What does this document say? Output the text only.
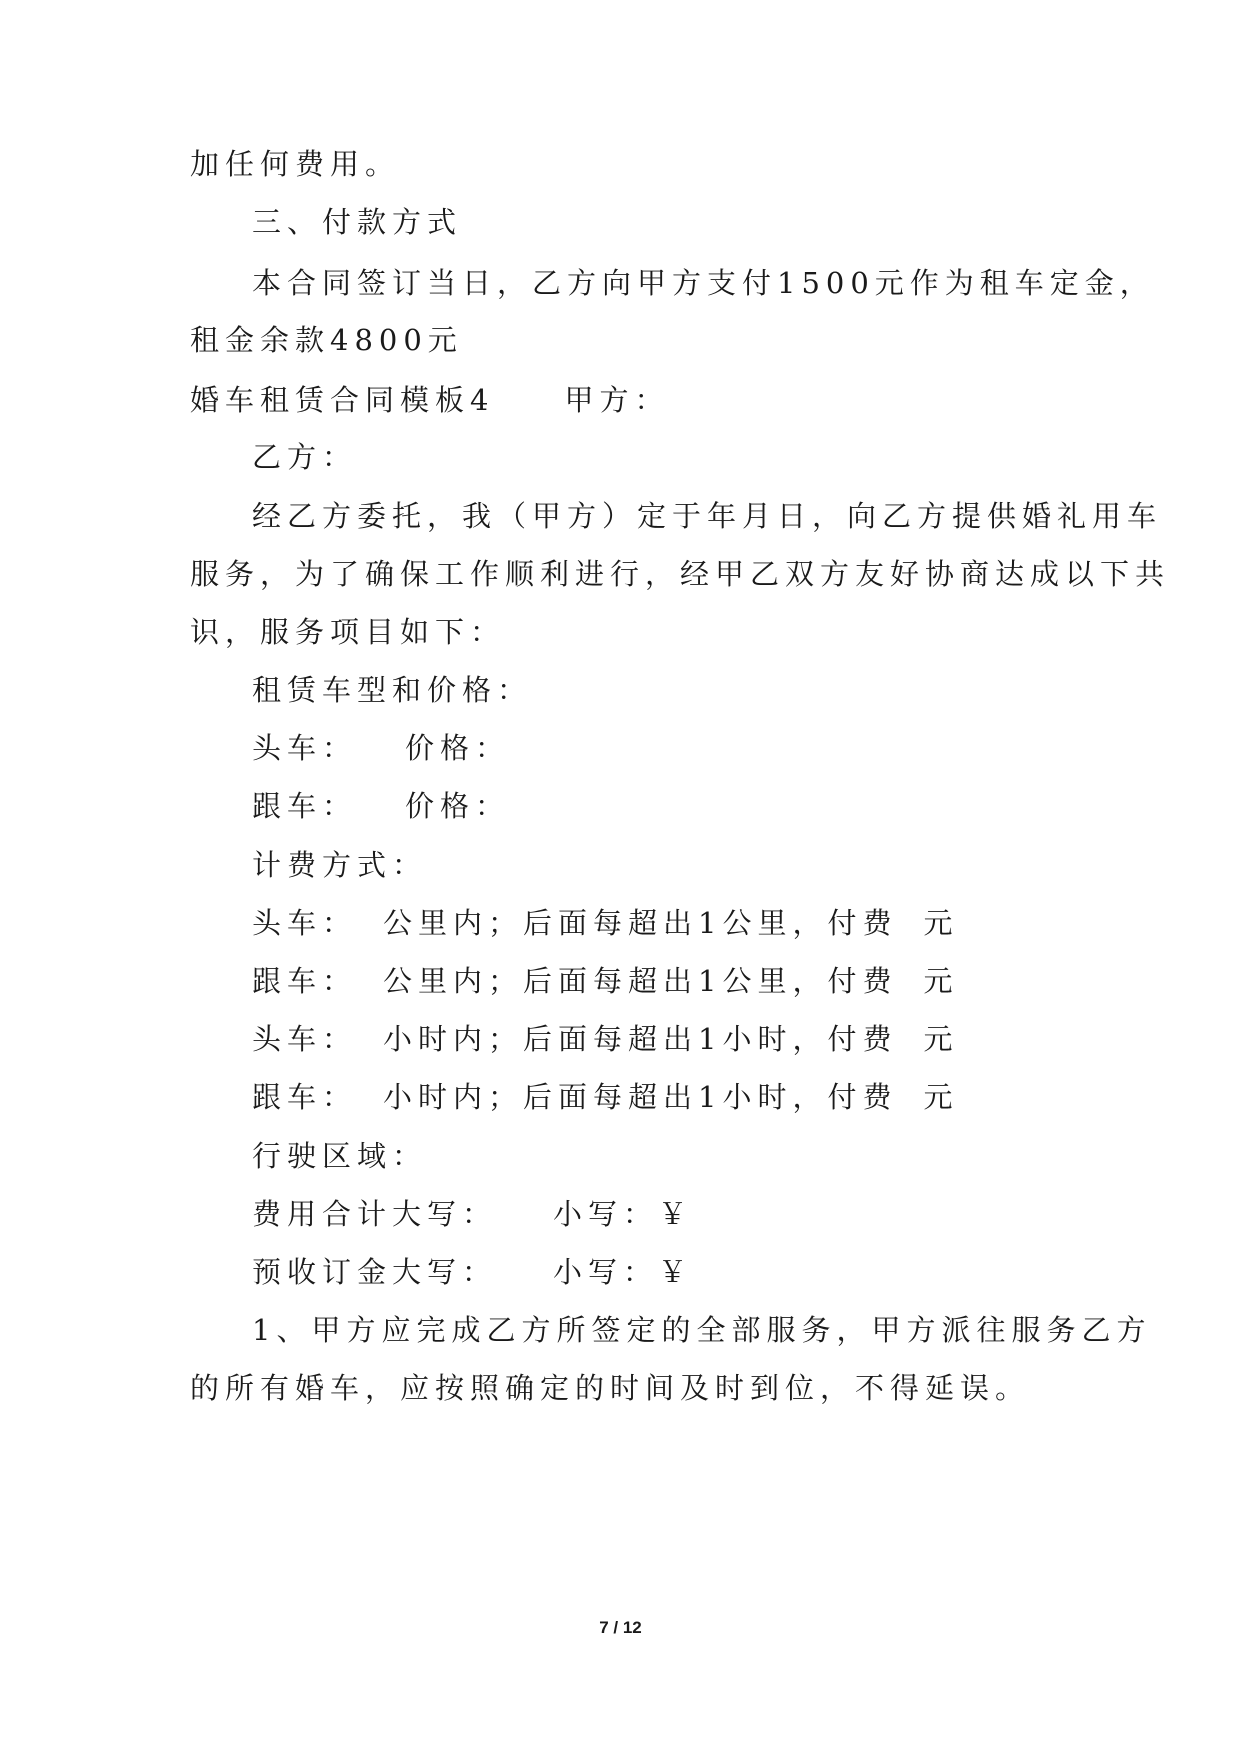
加任何费用。
三、付款方式
本合同签订当日，乙方向甲方支付1500元作为租车定金，
租金余款4800元
婚车租赁合同模板4 甲方：
乙方：
经乙方委托，我（甲方）定于年月日，向乙方提供婚礼用车
服务，为了确保工作顺利进行，经甲乙双方友好协商达成以下共
识，服务项目如下：
租赁车型和价格：
头车： 价格：
跟车： 价格：
计费方式：
头车： 公里内；后面每超出1公里，付费 元
跟车： 公里内；后面每超出1公里，付费 元
头车： 小时内；后面每超出1小时，付费 元
跟车： 小时内；后面每超出1小时，付费 元
行驶区域：
费用合计大写： 小写：￥
预收订金大写： 小写：￥
1、甲方应完成乙方所签定的全部服务，甲方派往服务乙方
的所有婚车，应按照确定的时间及时到位，不得延误。
7 / 12
